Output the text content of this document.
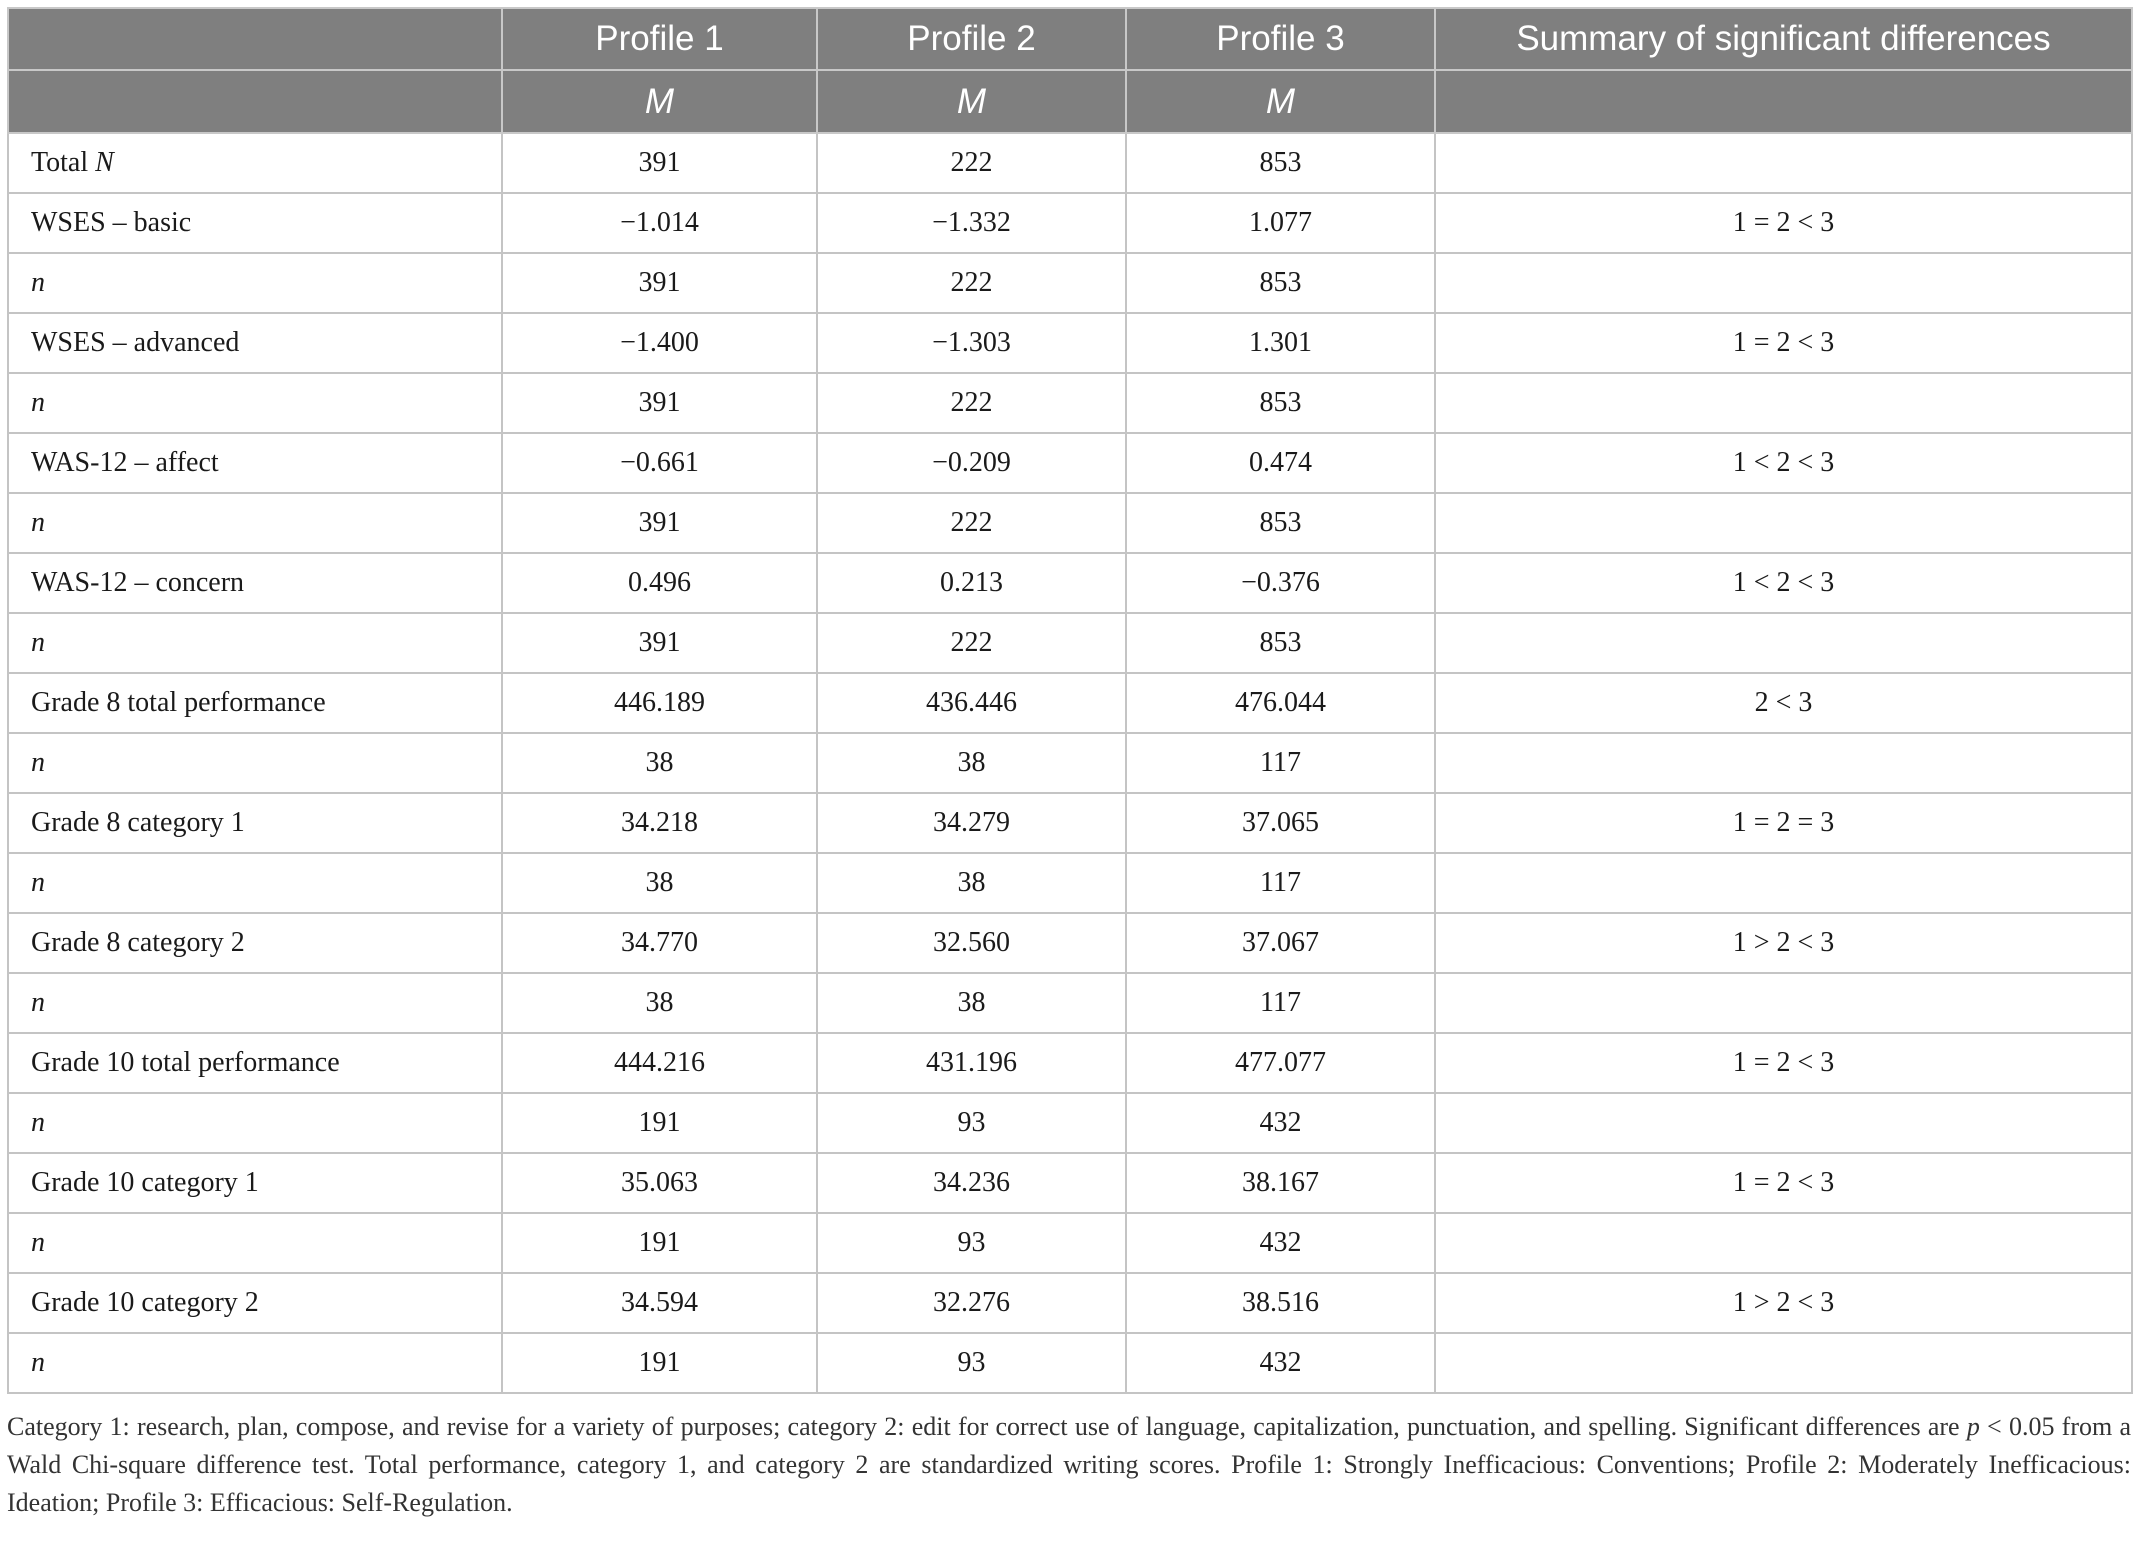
	Profile 1	Profile 2	Profile 3	Summary of significant differences
	M	M	M	
Total N	391	222	853	
WSES – basic	−1.014	−1.332	1.077	1 = 2 < 3
n	391	222	853	
WSES – advanced	−1.400	−1.303	1.301	1 = 2 < 3
n	391	222	853	
WAS-12 – affect	−0.661	−0.209	0.474	1 < 2 < 3
n	391	222	853	
WAS-12 – concern	0.496	0.213	−0.376	1 < 2 < 3
n	391	222	853	
Grade 8 total performance	446.189	436.446	476.044	2 < 3
n	38	38	117	
Grade 8 category 1	34.218	34.279	37.065	1 = 2 = 3
n	38	38	117	
Grade 8 category 2	34.770	32.560	37.067	1 > 2 < 3
n	38	38	117	
Grade 10 total performance	444.216	431.196	477.077	1 = 2 < 3
n	191	93	432	
Grade 10 category 1	35.063	34.236	38.167	1 = 2 < 3
n	191	93	432	
Grade 10 category 2	34.594	32.276	38.516	1 > 2 < 3
n	191	93	432	

Category 1: research, plan, compose, and revise for a variety of purposes; category 2: edit for correct use of language, capitalization, punctuation, and spelling. Significant differences are p < 0.05 from a Wald Chi-square difference test. Total performance, category 1, and category 2 are standardized writing scores. Profile 1: Strongly Inefficacious: Conventions; Profile 2: Moderately Inefficacious: Ideation; Profile 3: Efficacious: Self-Regulation.
